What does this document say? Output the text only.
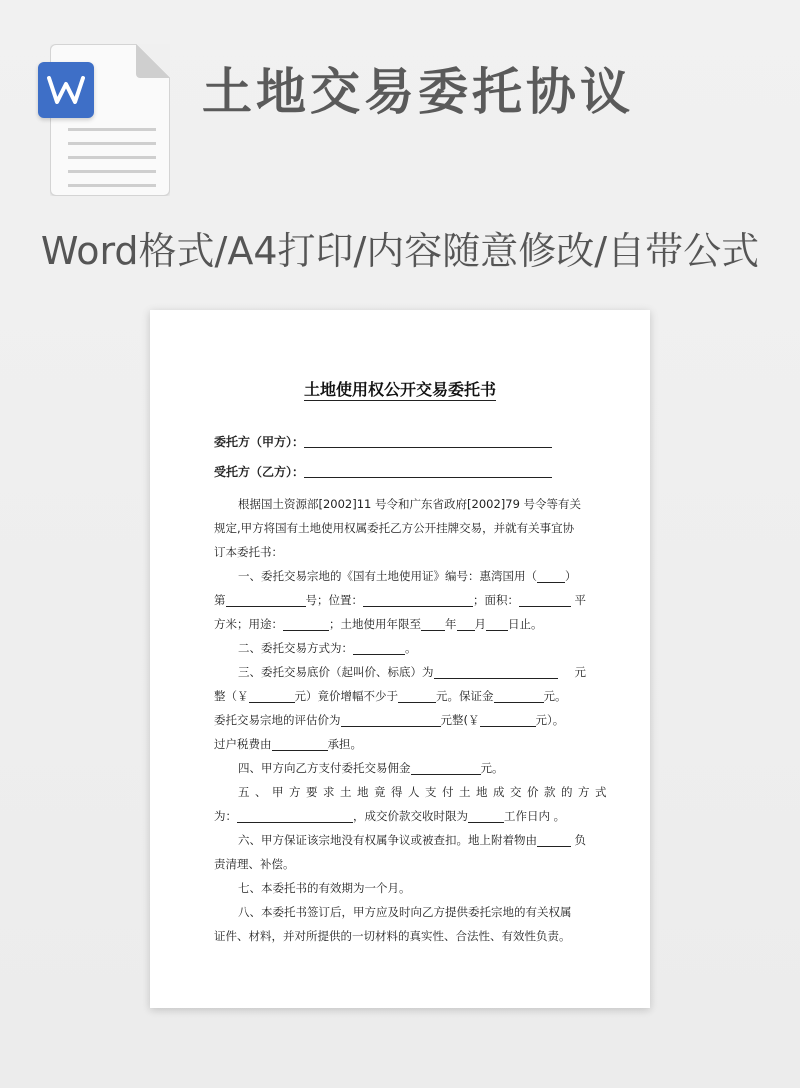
土地交易委托协议
Word格式/A4打印/内容随意修改/自带公式
土地使用权公开交易委托书
委托方（甲方）：
受托方（乙方）：
根据国土资源部[2002]11 号令和广东省政府[2002]79 号令等有关
规定,甲方将国有土地使用权属委托乙方公开挂牌交易，并就有关事宜协
订本委托书：
一、委托交易宗地的《国有土地使用证》编号：惠湾国用（ ）
第	号；位置：	；面积：	平
方米；用途：	；土地使用年限至 年 月 日止。
二、委托交易方式为：	。
三、委托交易底价（起叫价、标底）为	元
整（￥	元）竟价增幅不少于	元。保证金	元。
委托交易宗地的评估价为	元整(￥	元）。
过户税费由	承担。
四、甲方向乙方支付委托交易佣金	元。
五、甲方要求土地竟得人支付土地成交价款的方式
为：	，成交价款交收时限为	工作日内 。
六、甲方保证该宗地没有权属争议或被查扣。地上附着物由	负
责清理、补偿。
七、本委托书的有效期为一个月。
八、本委托书签订后，甲方应及时向乙方提供委托宗地的有关权属
证件、材料，并对所提供的一切材料的真实性、合法性、有效性负责。
